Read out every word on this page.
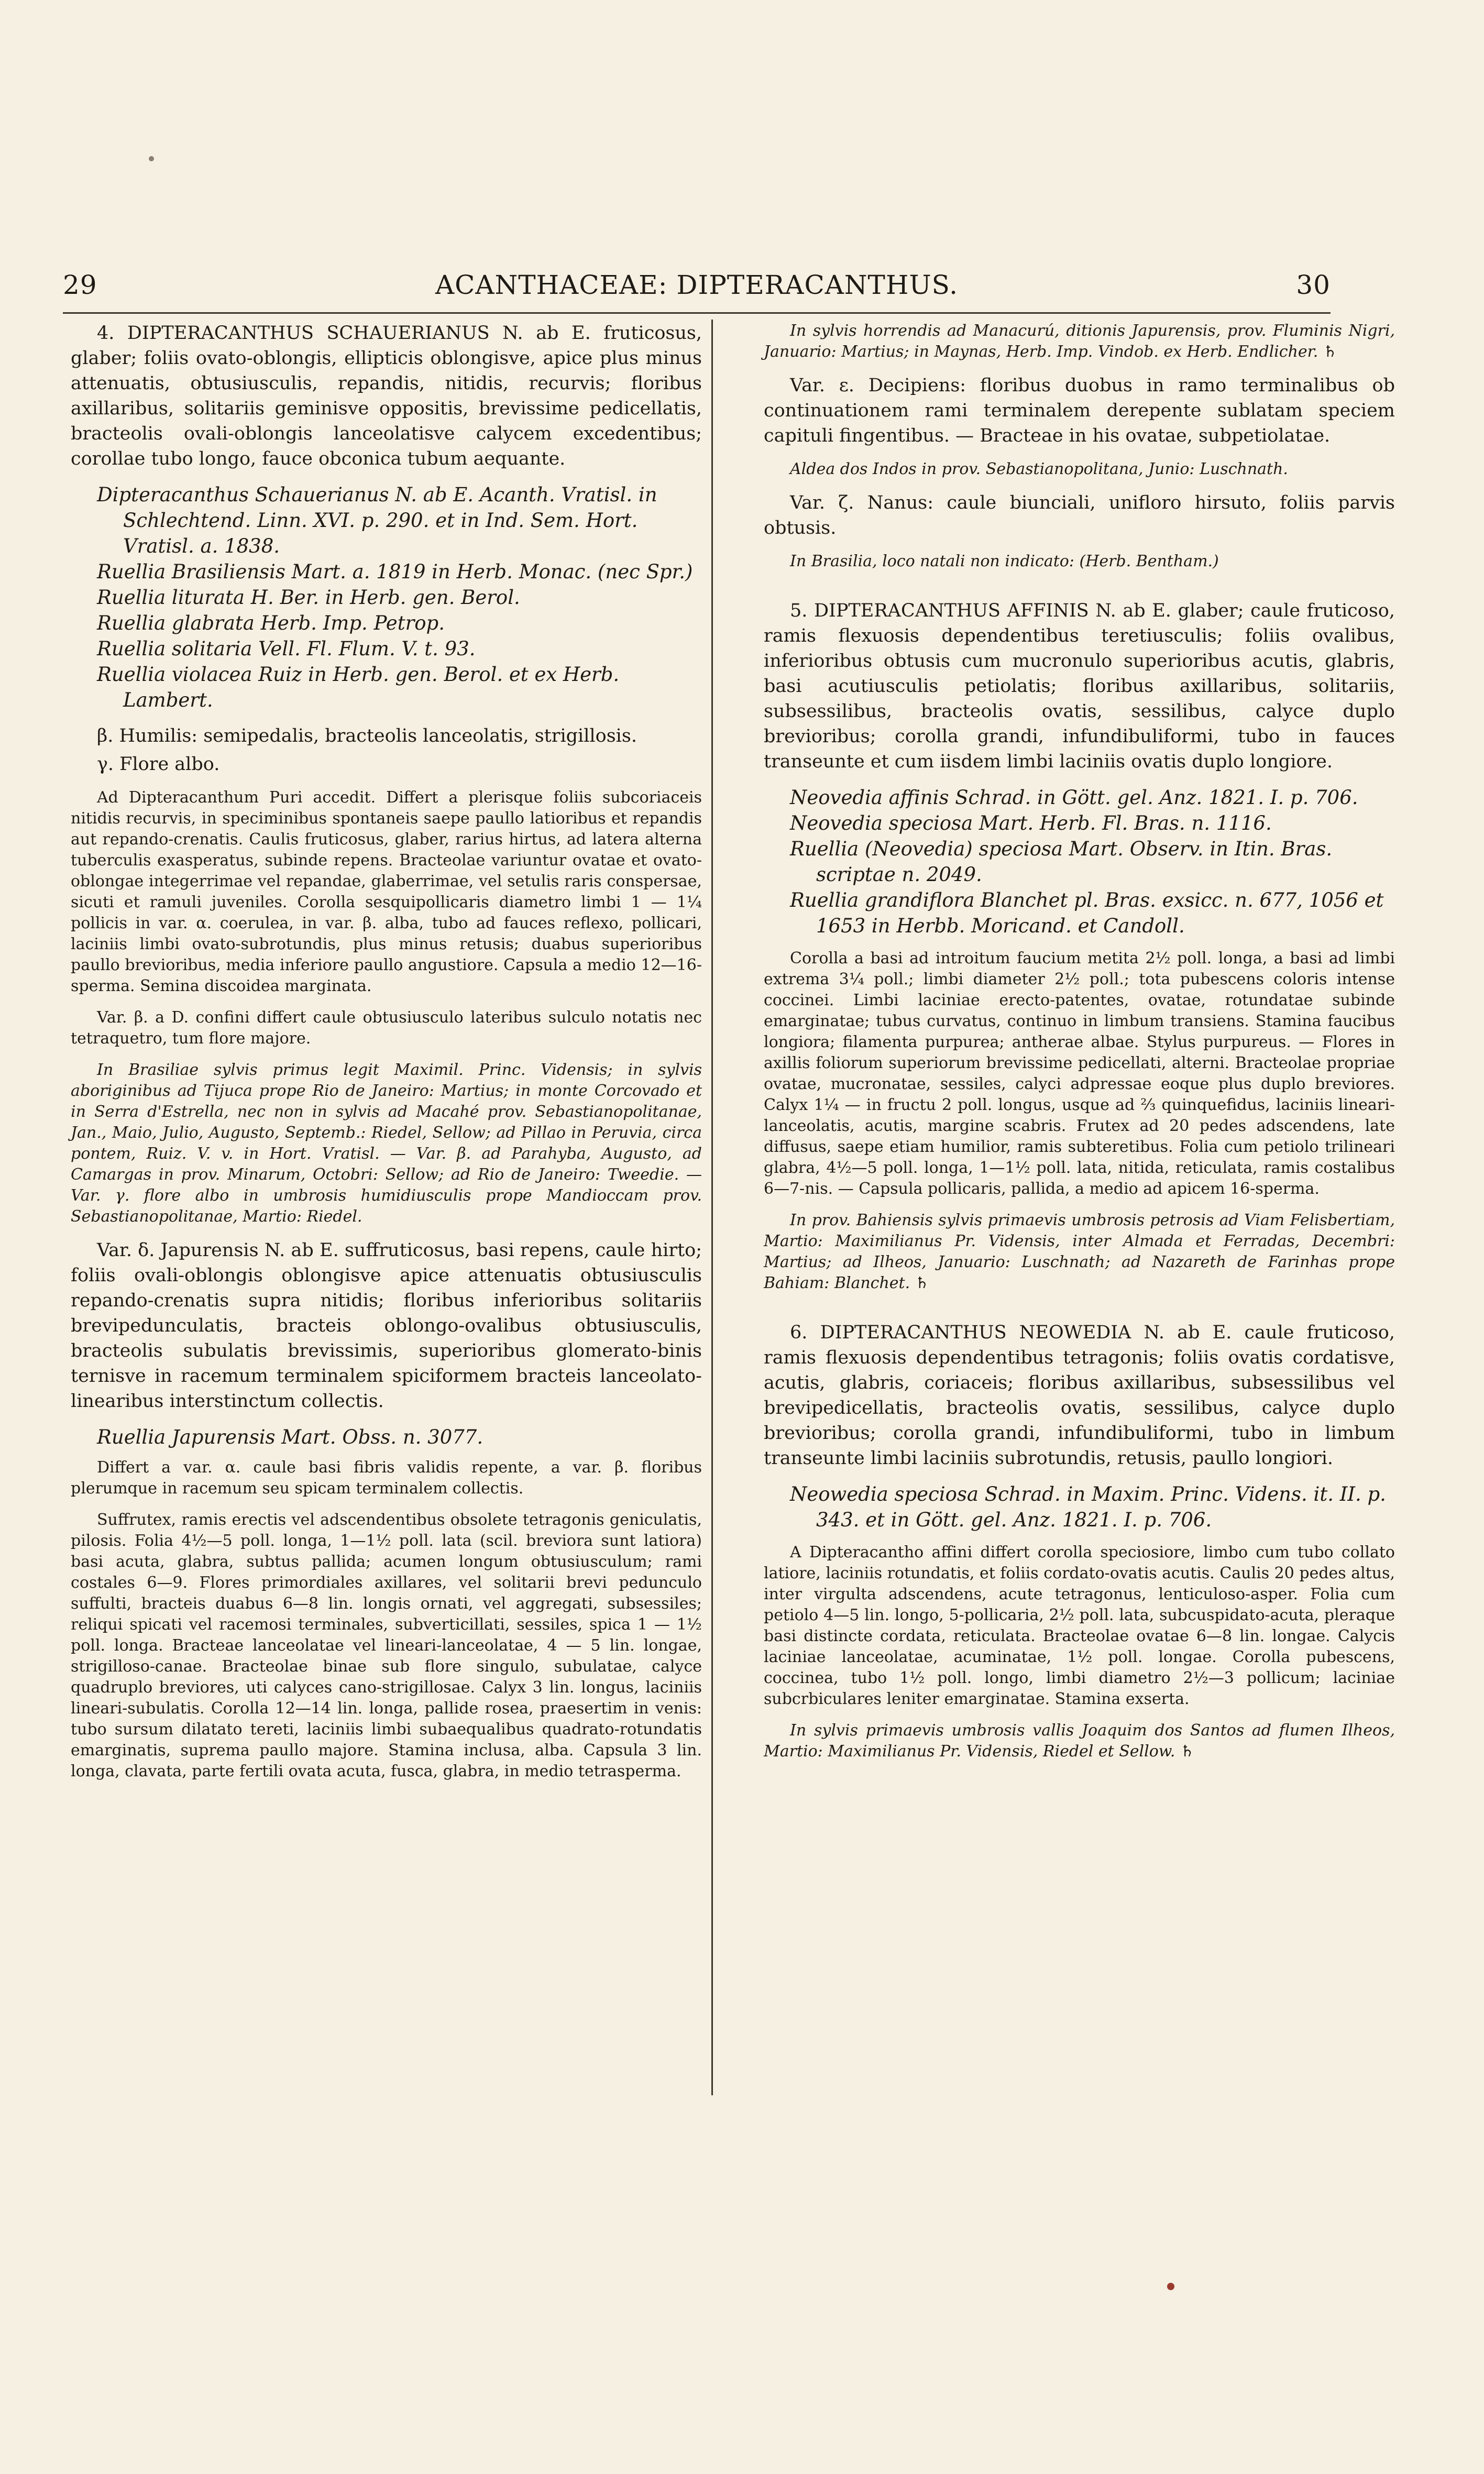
29	ACANTHACEAE: DIPTERACANTHUS.	30

4. DIPTERACANTHUS SCHAUERIANUS N. ab E. fruticosus, glaber; foliis ovato-oblongis, ellipticis oblongisve, apice plus minus attenuatis, obtusiusculis, repandis, nitidis, recurvis; floribus axillaribus, solitariis geminisve oppositis, brevissime pedicellatis, bracteolis ovali-oblongis lanceolatisve calycem excedentibus; corollae tubo longo, fauce obconica tubum aequante.

Dipteracanthus Schauerianus N. ab E. Acanth. Vratisl. in Schlechtend. Linn. XVI. p. 290. et in Ind. Sem. Hort. Vratisl. a. 1838.
Ruellia Brasiliensis Mart. a. 1819 in Herb. Monac. (nec Spr.)
Ruellia liturata H. Ber. in Herb. gen. Berol.
Ruellia glabrata Herb. Imp. Petrop.
Ruellia solitaria Vell. Fl. Flum. V. t. 93.
Ruellia violacea Ruiz in Herb. gen. Berol. et ex Herb. Lambert.

β. Humilis: semipedalis, bracteolis lanceolatis, strigillosis.

γ. Flore albo.

Ad Dipteracanthum Puri accedit. Differt a plerisque foliis subcoriaceis nitidis recurvis, in speciminibus spontaneis saepe paullo latioribus et repandis aut repando-crenatis. Caulis fruticosus, glaber, rarius hirtus, ad latera alterna tuberculis exasperatus, subinde repens. Bracteolae variuntur ovatae et ovato-oblongae integerrimae vel repandae, glaberrimae, vel setulis raris conspersae, sicuti et ramuli juveniles. Corolla sesquipollicaris diametro limbi 1 — 1¼ pollicis in var. α. coerulea, in var. β. alba, tubo ad fauces reflexo, pollicari, laciniis limbi ovato-subrotundis, plus minus retusis; duabus superioribus paullo brevioribus, media inferiore paullo angustiore. Capsula a medio 12—16-sperma. Semina discoidea marginata.

Var. β. a D. confini differt caule obtusiusculo lateribus sulculo notatis nec tetraquetro, tum flore majore.

In Brasiliae sylvis primus legit Maximil. Princ. Vidensis; in sylvis aboriginibus ad Tijuca prope Rio de Janeiro: Martius; in monte Corcovado et in Serra d'Estrella, nec non in sylvis ad Macahé prov. Sebastianopolitanae, Jan., Maio, Julio, Augusto, Septemb.: Riedel, Sellow; ad Pillao in Peruvia, circa pontem, Ruiz. V. v. in Hort. Vratisl. — Var. β. ad Parahyba, Augusto, ad Camargas in prov. Minarum, Octobri: Sellow; ad Rio de Janeiro: Tweedie. — Var. γ. flore albo in umbrosis humidiusculis prope Mandioccam prov. Sebastianopolitanae, Martio: Riedel.

Var. δ. Japurensis N. ab E. suffruticosus, basi repens, caule hirto; foliis ovali-oblongis oblongisve apice attenuatis obtusiusculis repando-crenatis supra nitidis; floribus inferioribus solitariis brevipedunculatis, bracteis oblongo-ovalibus obtusiusculis, bracteolis subulatis brevissimis, superioribus glomerato-binis ternisve in racemum terminalem spiciformem bracteis lanceolato-linearibus interstinctum collectis.

Ruellia Japurensis Mart. Obss. n. 3077.

Differt a var. α. caule basi fibris validis repente, a var. β. floribus plerumque in racemum seu spicam terminalem collectis.

Suffrutex, ramis erectis vel adscendentibus obsolete tetragonis geniculatis, pilosis. Folia 4½—5 poll. longa, 1—1½ poll. lata (scil. breviora sunt latiora) basi acuta, glabra, subtus pallida; acumen longum obtusiusculum; rami costales 6—9. Flores primordiales axillares, vel solitarii brevi pedunculo suffulti, bracteis duabus 6—8 lin. longis ornati, vel aggregati, subsessiles; reliqui spicati vel racemosi terminales, subverticillati, sessiles, spica 1 — 1½ poll. longa. Bracteae lanceolatae vel lineari-lanceolatae, 4 — 5 lin. longae, strigilloso-canae. Bracteolae binae sub flore singulo, subulatae, calyce quadruplo breviores, uti calyces cano-strigillosae. Calyx 3 lin. longus, laciniis lineari-subulatis. Corolla 12—14 lin. longa, pallide rosea, praesertim in venis: tubo sursum dilatato tereti, laciniis limbi subaequalibus quadrato-rotundatis emarginatis, suprema paullo majore. Stamina inclusa, alba. Capsula 3 lin. longa, clavata, parte fertili ovata acuta, fusca, glabra, in medio tetrasperma.

In sylvis horrendis ad Manacurú, ditionis Japurensis, prov. Fluminis Nigri, Januario: Martius; in Maynas, Herb. Imp. Vindob. ex Herb. Endlicher. ♄

Var. ε. Decipiens: floribus duobus in ramo terminalibus ob continuationem rami terminalem derepente sublatam speciem capituli fingentibus. — Bracteae in his ovatae, subpetiolatae.

Aldea dos Indos in prov. Sebastianopolitana, Junio: Luschnath.

Var. ζ. Nanus: caule biunciali, unifloro hirsuto, foliis parvis obtusis.

In Brasilia, loco natali non indicato: (Herb. Bentham.)

5. DIPTERACANTHUS AFFINIS N. ab E. glaber; caule fruticoso, ramis flexuosis dependentibus teretiusculis; foliis ovalibus, inferioribus obtusis cum mucronulo superioribus acutis, glabris, basi acutiusculis petiolatis; floribus axillaribus, solitariis, subsessilibus, bracteolis ovatis, sessilibus, calyce duplo brevioribus; corolla grandi, infundibuliformi, tubo in fauces transeunte et cum iisdem limbi laciniis ovatis duplo longiore.

Neovedia affinis Schrad. in Gött. gel. Anz. 1821. I. p. 706.
Neovedia speciosa Mart. Herb. Fl. Bras. n. 1116.
Ruellia (Neovedia) speciosa Mart. Observ. in Itin. Bras. scriptae n. 2049.
Ruellia grandiflora Blanchet pl. Bras. exsicc. n. 677, 1056 et 1653 in Herbb. Moricand. et Candoll.

Corolla a basi ad introitum faucium metita 2½ poll. longa, a basi ad limbi extrema 3¼ poll.; limbi diameter 2½ poll.; tota pubescens coloris intense coccinei. Limbi laciniae erecto-patentes, ovatae, rotundatae subinde emarginatae; tubus curvatus, continuo in limbum transiens. Stamina faucibus longiora; filamenta purpurea; antherae albae. Stylus purpureus. — Flores in axillis foliorum superiorum brevissime pedicellati, alterni. Bracteolae propriae ovatae, mucronatae, sessiles, calyci adpressae eoque plus duplo breviores. Calyx 1¼ — in fructu 2 poll. longus, usque ad ⅔ quinquefidus, laciniis lineari-lanceolatis, acutis, margine scabris. Frutex ad 20 pedes adscendens, late diffusus, saepe etiam humilior, ramis subteretibus. Folia cum petiolo trilineari glabra, 4½—5 poll. longa, 1—1½ poll. lata, nitida, reticulata, ramis costalibus 6—7-nis. — Capsula pollicaris, pallida, a medio ad apicem 16-sperma.

In prov. Bahiensis sylvis primaevis umbrosis petrosis ad Viam Felisbertiam, Martio: Maximilianus Pr. Vidensis, inter Almada et Ferradas, Decembri: Martius; ad Ilheos, Januario: Luschnath; ad Nazareth de Farinhas prope Bahiam: Blanchet. ♄

6. DIPTERACANTHUS NEOWEDIA N. ab E. caule fruticoso, ramis flexuosis dependentibus tetragonis; foliis ovatis cordatisve, acutis, glabris, coriaceis; floribus axillaribus, subsessilibus vel brevipedicellatis, bracteolis ovatis, sessilibus, calyce duplo brevioribus; corolla grandi, infundibuliformi, tubo in limbum transeunte limbi laciniis subrotundis, retusis, paullo longiori.

Neowedia speciosa Schrad. in Maxim. Princ. Videns. it. II. p. 343. et in Gött. gel. Anz. 1821. I. p. 706.

A Dipteracantho affini differt corolla speciosiore, limbo cum tubo collato latiore, laciniis rotundatis, et foliis cordato-ovatis acutis. Caulis 20 pedes altus, inter virgulta adscendens, acute tetragonus, lenticuloso-asper. Folia cum petiolo 4—5 lin. longo, 5-pollicaria, 2½ poll. lata, subcuspidato-acuta, pleraque basi distincte cordata, reticulata. Bracteolae ovatae 6—8 lin. longae. Calycis laciniae lanceolatae, acuminatae, 1½ poll. longae. Corolla pubescens, coccinea, tubo 1½ poll. longo, limbi diametro 2½—3 pollicum; laciniae subcrbiculares leniter emarginatae. Stamina exserta.

In sylvis primaevis umbrosis vallis Joaquim dos Santos ad flumen Ilheos, Martio: Maximilianus Pr. Vidensis, Riedel et Sellow. ♄
